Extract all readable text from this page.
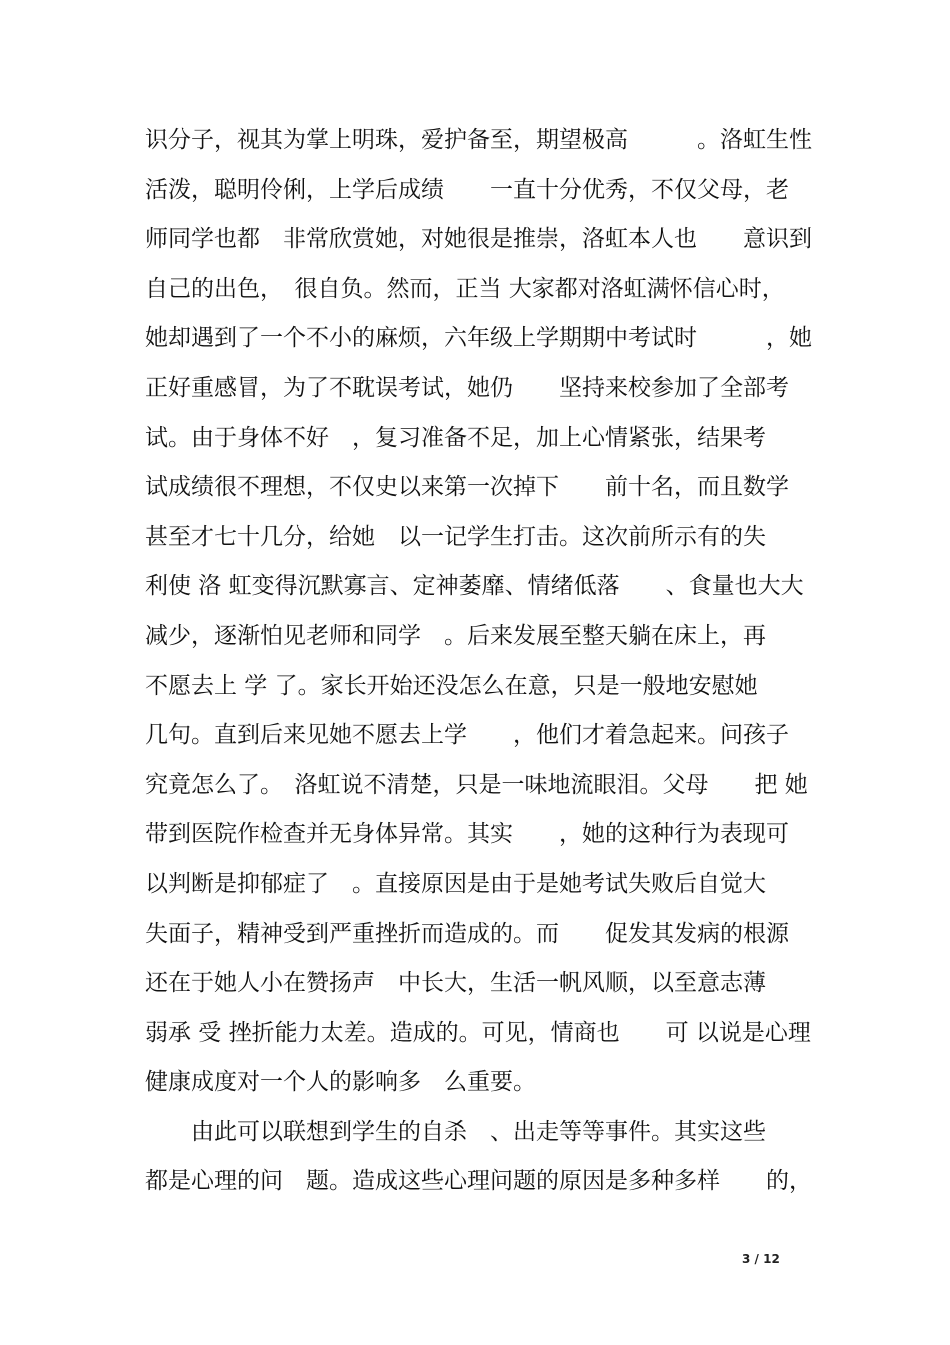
识分子，视其为掌上明珠，爱护备至，期望极高　　　。洛虹生性
活泼，聪明伶俐，上学后成绩　　一直十分优秀，不仅父母，老
师同学也都　非常欣赏她，对她很是推崇，洛虹本人也　　意识到
自己的出色，　很自负。然而，正当 大家都对洛虹满怀信心时，
她却遇到了一个不小的麻烦，六年级上学期期中考试时　　　，她
正好重感冒，为了不耽误考试，她仍　　坚持来校参加了全部考
试。由于身体不好　，复习准备不足，加上心情紧张，结果考
试成绩很不理想，不仅史以来第一次掉下　　前十名，而且数学
甚至才七十几分，给她　以一记学生打击。这次前所示有的失
利使 洛 虹变得沉默寡言、定神萎靡、情绪低落　　、食量也大大
减少，逐渐怕见老师和同学　。后来发展至整天躺在床上，再
不愿去上 学 了。家长开始还没怎么在意，只是一般地安慰她
几句。直到后来见她不愿去上学　　，他们才着急起来。问孩子
究竟怎么了。　洛虹说不清楚，只是一味地流眼泪。父母　　把 她
带到医院作检查并无身体异常。其实　　，她的这种行为表现可
以判断是抑郁症了　。直接原因是由于是她考试失败后自觉大
失面子，精神受到严重挫折而造成的。而　　促发其发病的根源
还在于她人小在赞扬声　中长大，生活一帆风顺，以至意志薄
弱承 受 挫折能力太差。造成的。可见，情商也　　可 以说是心理
健康成度对一个人的影响多　么重要。
　　由此可以联想到学生的自杀　、出走等等事件。其实这些
都是心理的问　题。造成这些心理问题的原因是多种多样　　的，
3 / 12
